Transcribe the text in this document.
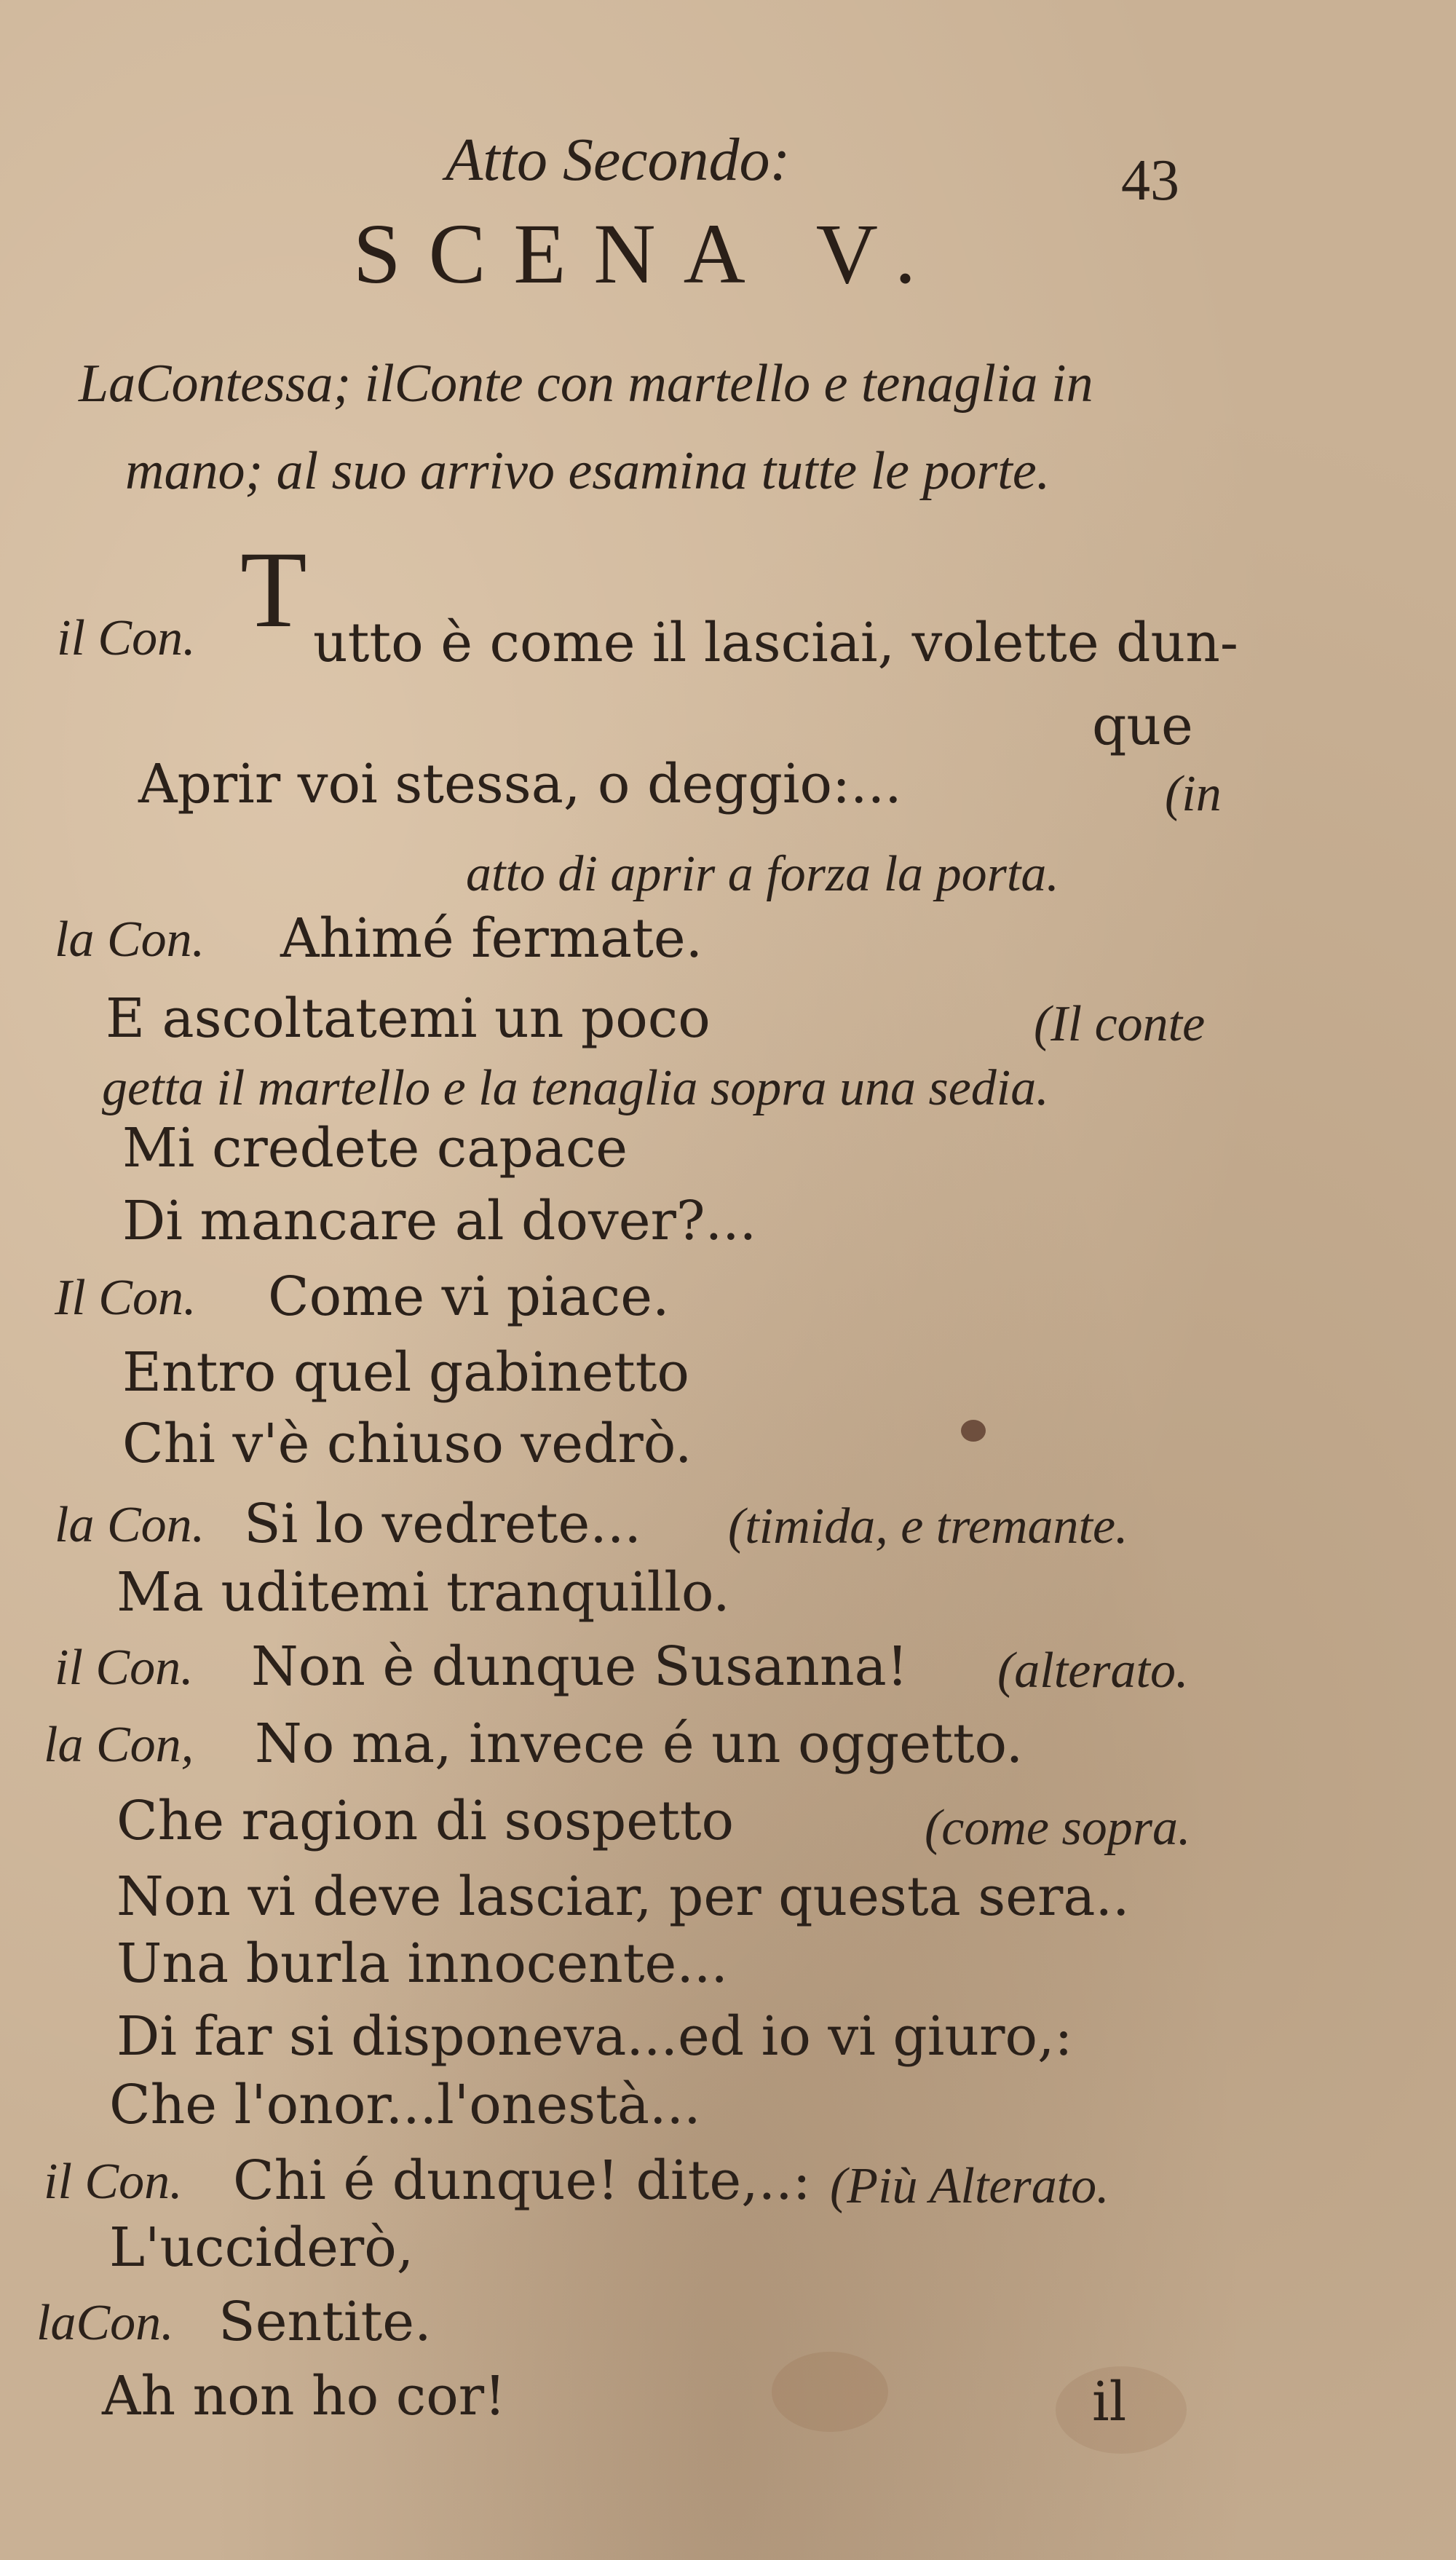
Atto Secondo:	43
SCENA V.
LaContessa; ilConte con martello e tenaglia in
mano; al suo arrivo esamina tutte le porte.
il Con. T utto è come il lasciai, volette dun-
que
Aprir voi stessa, o deggio:...	(in
atto di aprir a forza la porta.
la Con. Ahimé fermate.
E ascoltatemi un poco	(Il conte
getta il martello e la tenaglia sopra una sedia.
Mi credete capace
Di mancare al dover?...
Il Con. Come vi piace.
Entro quel gabinetto
Chi v'è chiuso vedrò.
la Con. Si lo vedrete... (timida, e tremante.
Ma uditemi tranquillo.
il Con. Non è dunque Susanna! (alterato.
la Con, No ma, invece é un oggetto.
Che ragion di sospetto	(come sopra.
Non vi deve lasciar, per questa sera..
Una burla innocente...
Di far si disponeva...ed io vi giuro,:
Che l'onor...l'onestà...
il Con. Chi é dunque! dite,..: (Più Alterato.
L'ucciderò,
laCon. Sentite.
Ah non ho cor!	il
